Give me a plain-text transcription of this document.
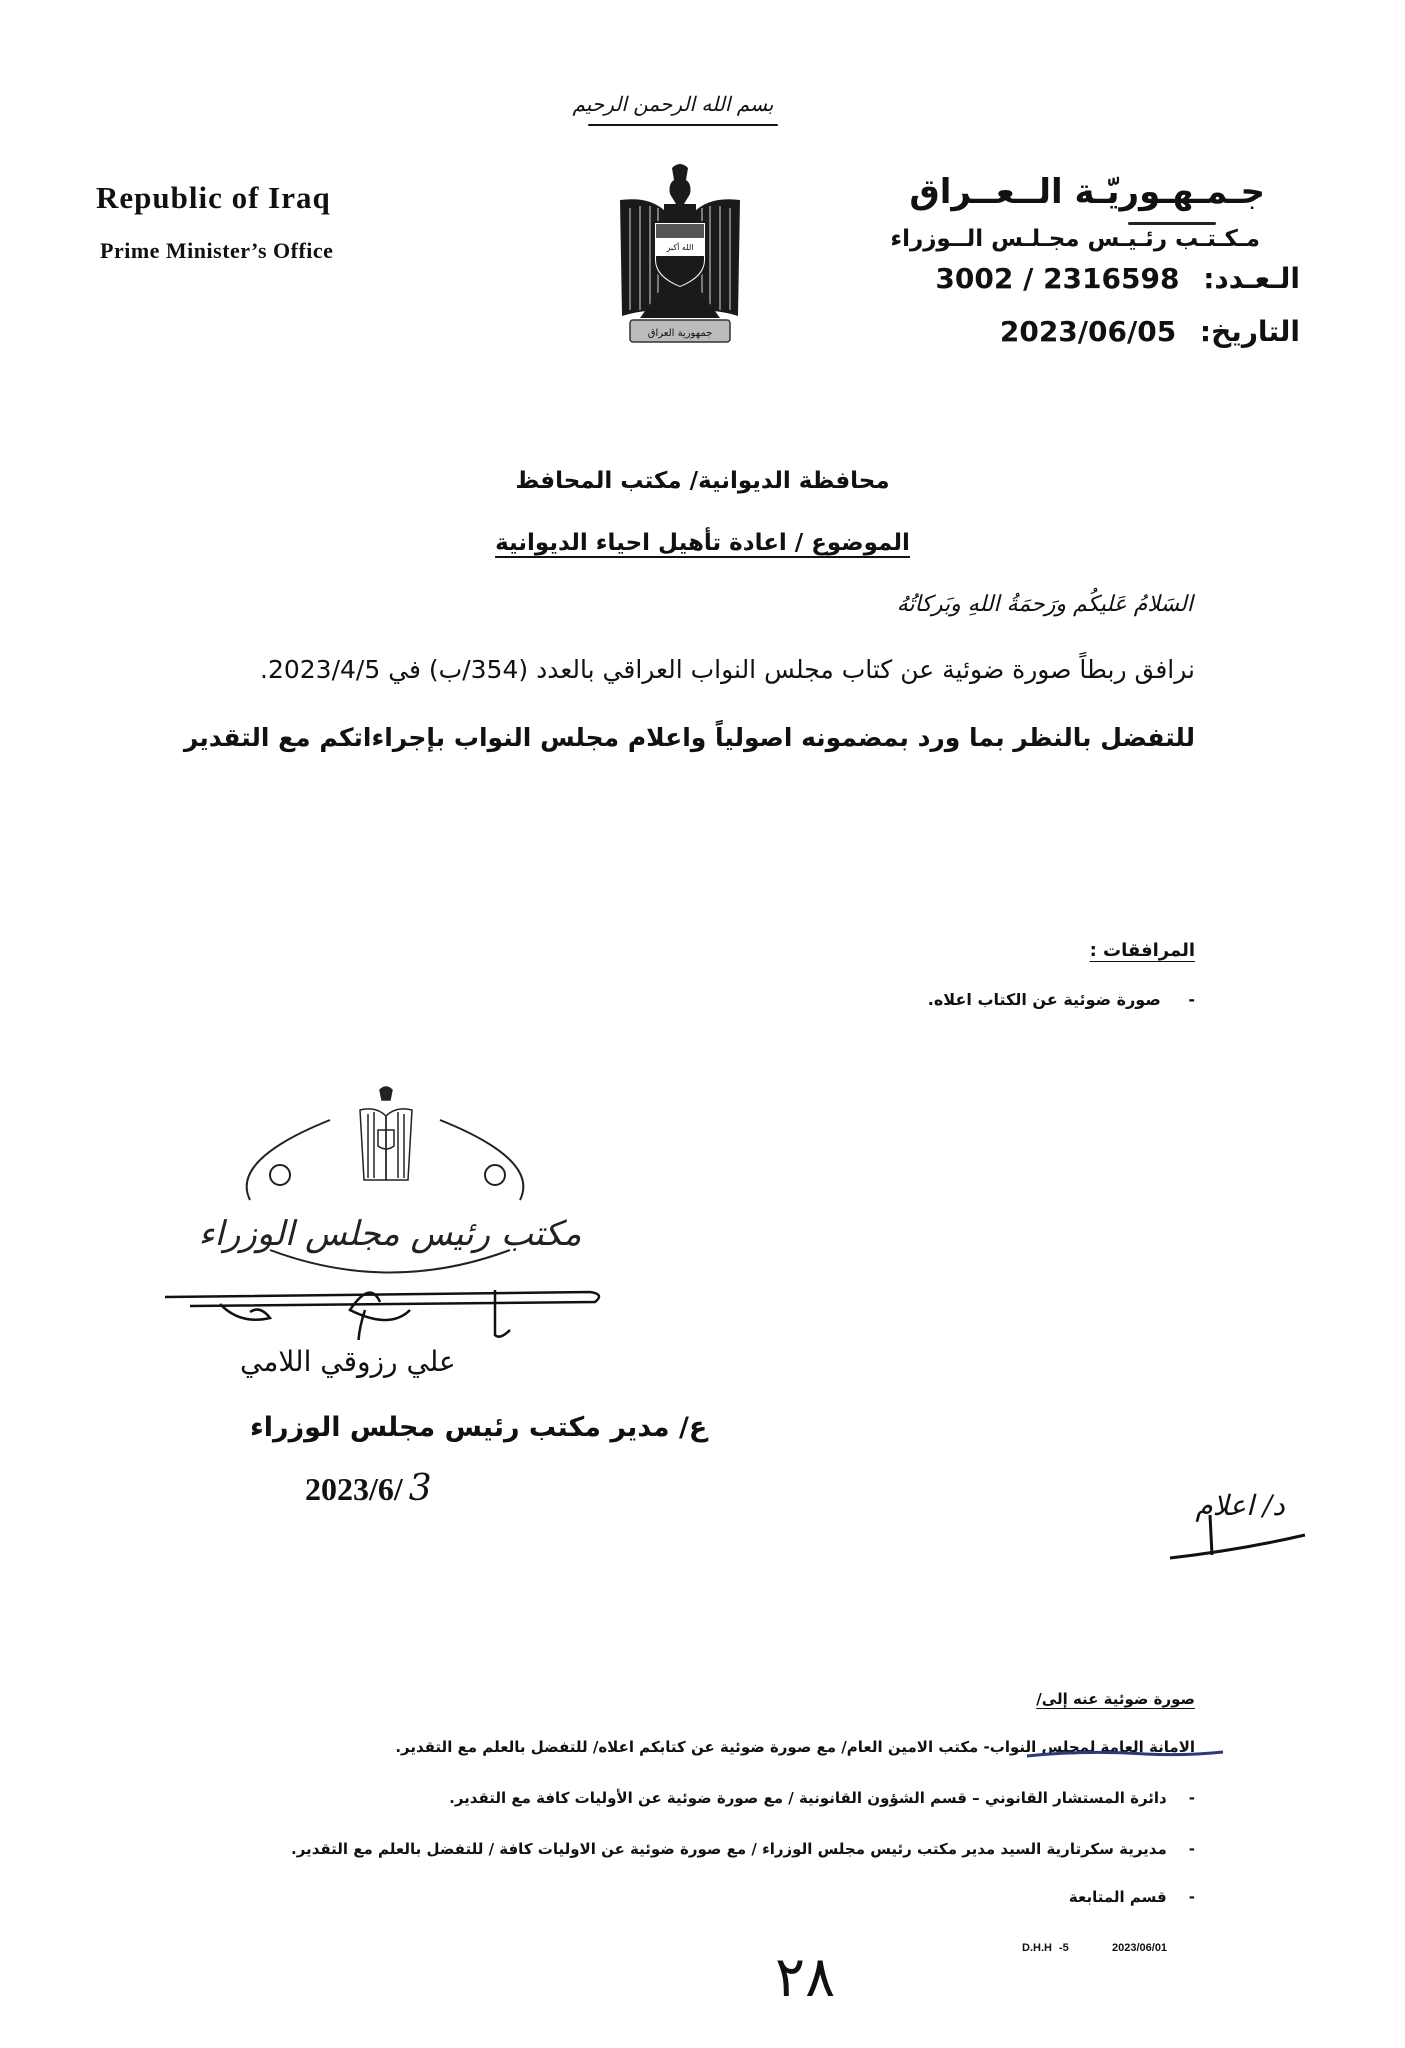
بسم الله الرحمن الرحيم
Republic of Iraq
Prime Minister’s Office	الله أكبر
جمهورية العراق
جـمـهـوريّـة الــعــراق
مـكـتـب رئـيـس مجـلـس الــوزراء
الـعـدد: 3002 / 2316598
التاريخ: 2023/06/05
محافظة الديوانية/ مكتب المحافظ
الموضوع / اعادة تأهيل احياء الديوانية
السَلامُ عَليكُم ورَحمَةُ اللهِ وبَركاتُهُ
نرافق ربطاً صورة ضوئية عن كتاب مجلس النواب العراقي بالعدد (354/ب) في 2023/4/5.
للتفضل بالنظر بما ورد بمضمونه اصولياً واعلام مجلس النواب بإجراءاتكم مع التقدير
المرافقات :
- صورة ضوئية عن الكتاب اعلاه.
مكتب رئيس مجلس الوزراء
علي رزوقي اللامي
ع/ مدير مكتب رئيس مجلس الوزراء
2023/6/ 3	د/ اعلام
صورة ضوئية عنه إلى/
الامانة العامة لمجلس النواب- مكتب الامين العام/ مع صورة ضوئية عن كتابكم اعلاه/ للتفضل بالعلم مع التقدير.
-دائرة المستشار القانوني – قسم الشؤون القانونية / مع صورة ضوئية عن الأوليات كافة مع التقدير.
-مديرية سكرتارية السيد مدير مكتب رئيس مجلس الوزراء / مع صورة ضوئية عن الاوليات كافة / للتفضل بالعلم مع التقدير.
-قسم المتابعة
D.H.H -5	2023/06/01
٢٨
